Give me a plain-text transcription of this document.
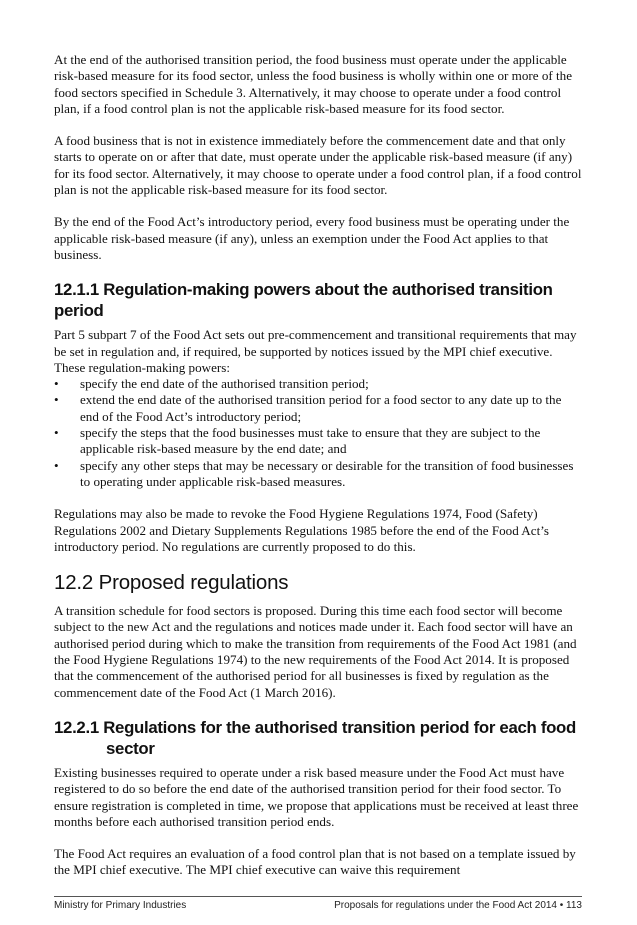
At the end of the authorised transition period, the food business must operate under the applicable risk-based measure for its food sector, unless the food business is wholly within one or more of the food sectors specified in Schedule 3. Alternatively, it may choose to operate under a food control plan, if a food control plan is not the applicable risk-based measure for its food sector.

A food business that is not in existence immediately before the commencement date and that only starts to operate on or after that date, must operate under the applicable risk-based measure (if any) for its food sector. Alternatively, it may choose to operate under a food control plan, if a food control plan is not the applicable risk-based measure for its food sector.

By the end of the Food Act’s introductory period, every food business must be operating under the applicable risk-based measure (if any), unless an exemption under the Food Act applies to that business.

12.1.1 Regulation-making powers about the authorised transition period

Part 5 subpart 7 of the Food Act sets out pre-commencement and transitional requirements that may be set in regulation and, if required, be supported by notices issued by the MPI chief executive. These regulation-making powers:

• specify the end date of the authorised transition period;
• extend the end date of the authorised transition period for a food sector to any date up to the end of the Food Act’s introductory period;
• specify the steps that the food businesses must take to ensure that they are subject to the applicable risk-based measure by the end date; and
• specify any other steps that may be necessary or desirable for the transition of food businesses to operating under applicable risk-based measures.

Regulations may also be made to revoke the Food Hygiene Regulations 1974, Food (Safety) Regulations 2002 and Dietary Supplements Regulations 1985 before the end of the Food Act’s introductory period. No regulations are currently proposed to do this.

12.2 Proposed regulations

A transition schedule for food sectors is proposed. During this time each food sector will become subject to the new Act and the regulations and notices made under it. Each food sector will have an authorised period during which to make the transition from requirements of the Food Act 1981 (and the Food Hygiene Regulations 1974) to the new requirements of the Food Act 2014. It is proposed that the commencement of the authorised period for all businesses is fixed by regulation as the commencement date of the Food Act (1 March 2016).

12.2.1 Regulations for the authorised transition period for each food sector

Existing businesses required to operate under a risk based measure under the Food Act must have registered to do so before the end date of the authorised transition period for their food sector. To ensure registration is completed in time, we propose that applications must be received at least three months before each authorised transition period ends.

The Food Act requires an evaluation of a food control plan that is not based on a template issued by the MPI chief executive. The MPI chief executive can waive this requirement

Ministry for Primary Industries	Proposals for regulations under the Food Act 2014 • 113
